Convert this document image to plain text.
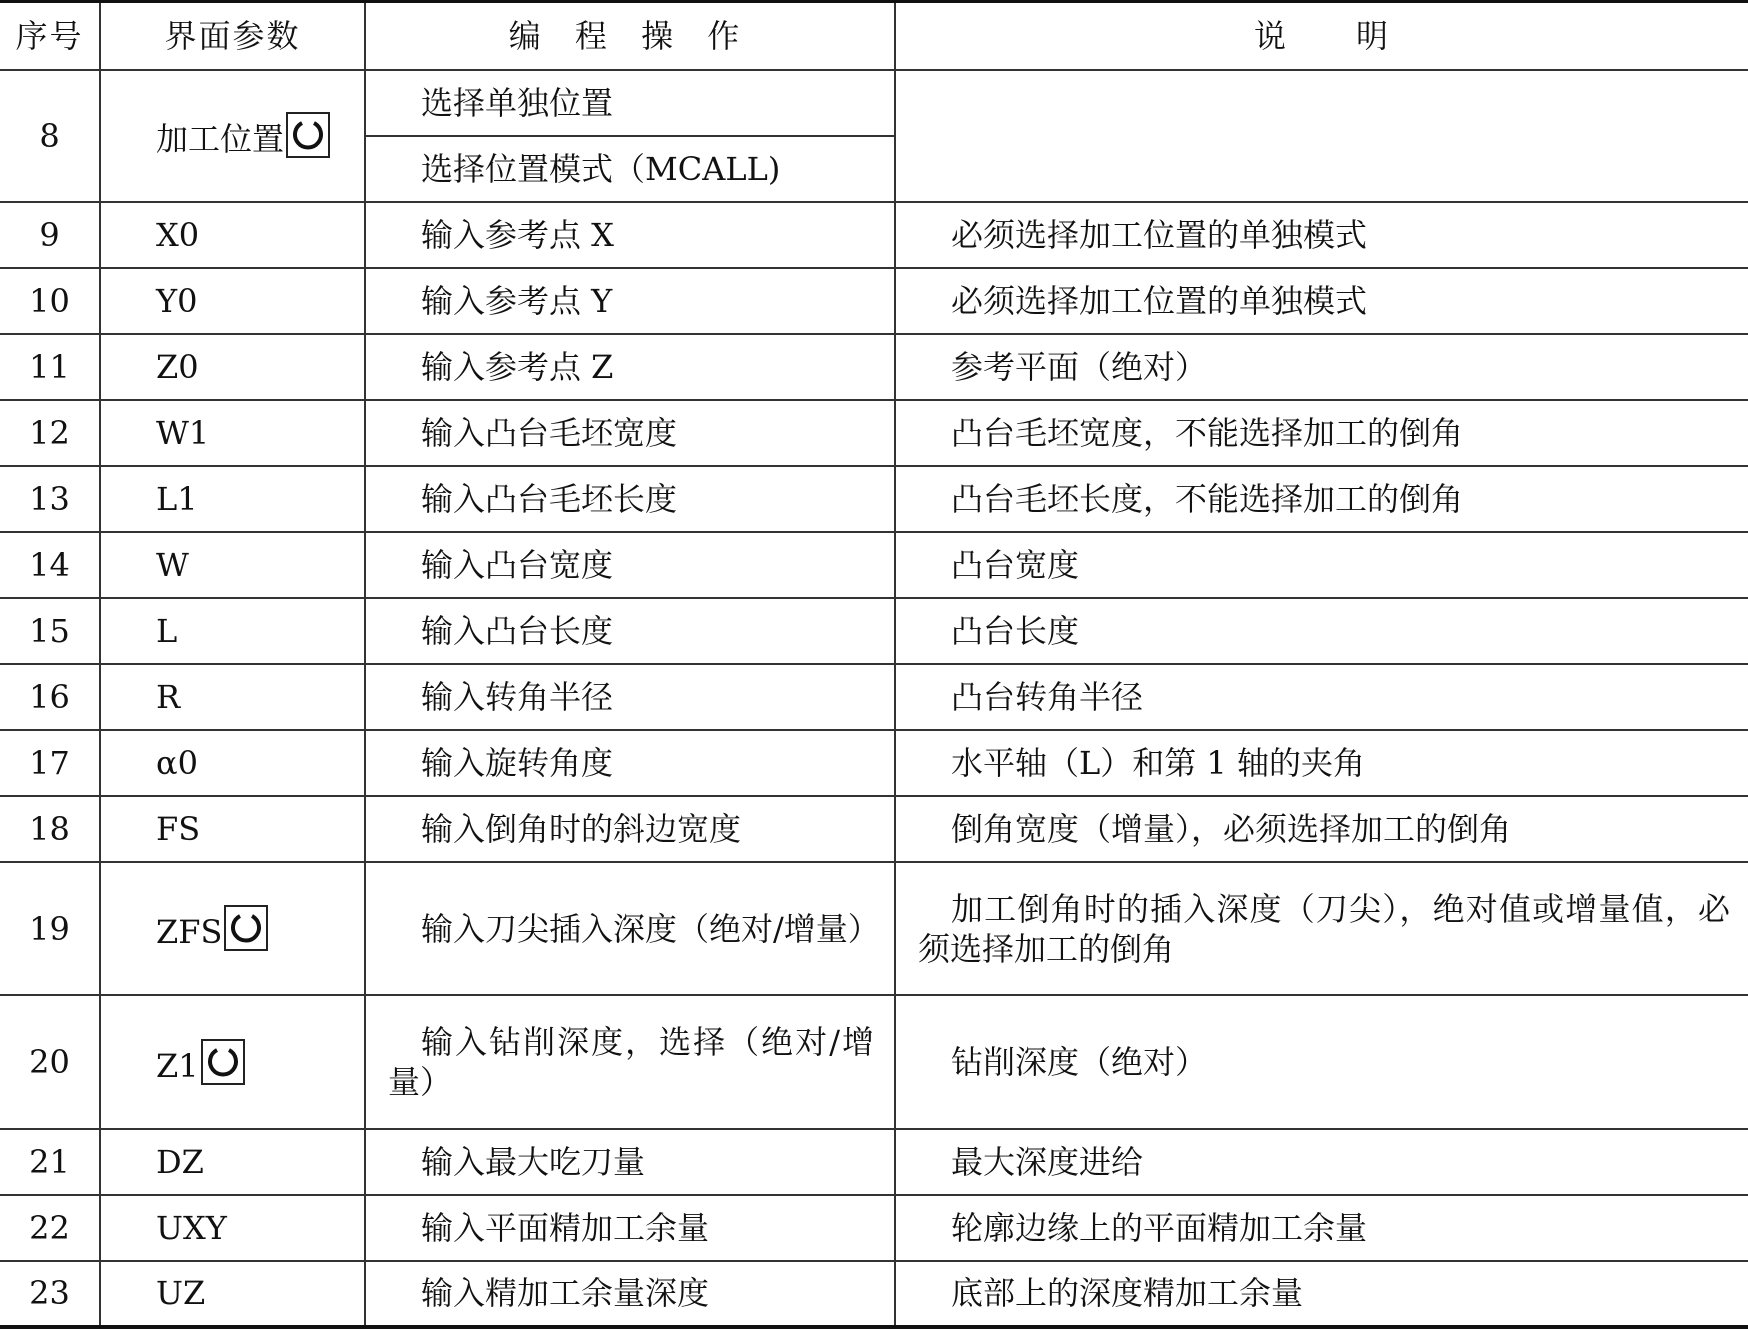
序号	界面参数	编 程 操 作	说　　明
8	加工位置	选择单独位置	
		选择位置模式（MCALL)	
9	X0	输入参考点 X	必须选择加工位置的单独模式
10	Y0	输入参考点 Y	必须选择加工位置的单独模式
11	Z0	输入参考点 Z	参考平面（绝对）
12	W1	输入凸台毛坯宽度	凸台毛坯宽度，不能选择加工的倒角
13	L1	输入凸台毛坯长度	凸台毛坯长度，不能选择加工的倒角
14	W	输入凸台宽度	凸台宽度
15	L	输入凸台长度	凸台长度
16	R	输入转角半径	凸台转角半径
17	α0	输入旋转角度	水平轴（L）和第 1 轴的夹角
18	FS	输入倒角时的斜边宽度	倒角宽度（增量），必须选择加工的倒角
19	ZFS	输入刀尖插入深度（绝对/增量）	加工倒角时的插入深度（刀尖），绝对值或增量值，必须选择加工的倒角
20	Z1	输入钻削深度，选择（绝对/增量）	钻削深度（绝对）
21	DZ	输入最大吃刀量	最大深度进给
22	UXY	输入平面精加工余量	轮廓边缘上的平面精加工余量
23	UZ	输入精加工余量深度	底部上的深度精加工余量
